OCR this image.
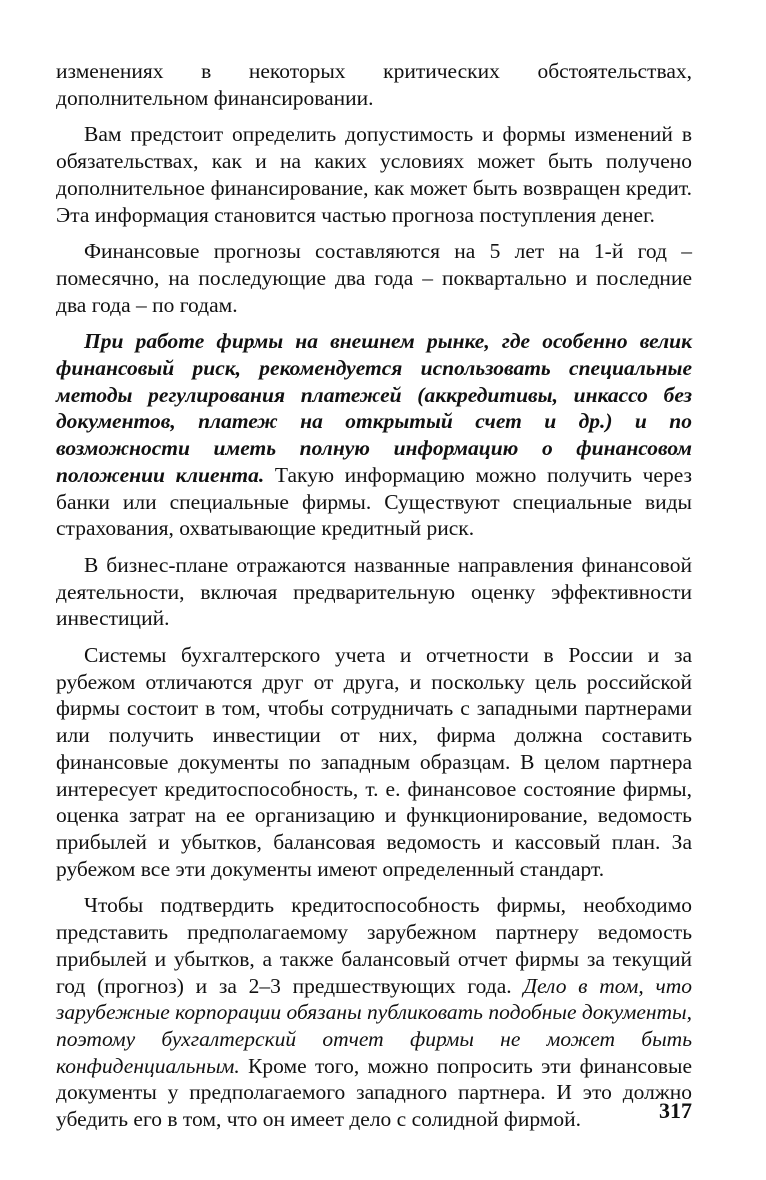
изменениях в некоторых критических обстоятельствах, дополнительном финансировании.

Вам предстоит определить допустимость и формы изменений в обязательствах, как и на каких условиях может быть получено дополнительное финансирование, как может быть возвращен кредит. Эта информация становится частью прогноза поступления денег.

Финансовые прогнозы составляются на 5 лет на 1-й год – помесячно, на последующие два года – поквартально и последние два года – по годам.

При работе фирмы на внешнем рынке, где особенно велик финансовый риск, рекомендуется использовать специальные методы регулирования платежей (аккредитивы, инкассо без документов, платеж на открытый счет и др.) и по возможности иметь полную информацию о финансовом положении клиента. Такую информацию можно получить через банки или специальные фирмы. Существуют специальные виды страхования, охватывающие кредитный риск.

В бизнес-плане отражаются названные направления финансовой деятельности, включая предварительную оценку эффективности инвестиций.

Системы бухгалтерского учета и отчетности в России и за рубежом отличаются друг от друга, и поскольку цель российской фирмы состоит в том, чтобы сотрудничать с западными партнерами или получить инвестиции от них, фирма должна составить финансовые документы по западным образцам. В целом партнера интересует кредитоспособность, т. е. финансовое состояние фирмы, оценка затрат на ее организацию и функционирование, ведомость прибылей и убытков, балансовая ведомость и кассовый план. За рубежом все эти документы имеют определенный стандарт.

Чтобы подтвердить кредитоспособность фирмы, необходимо представить предполагаемому зарубежном партнеру ведомость прибылей и убытков, а также балансовый отчет фирмы за текущий год (прогноз) и за 2–3 предшествующих года. Дело в том, что зарубежные корпорации обязаны публиковать подобные документы, поэтому бухгалтерский отчет фирмы не может быть конфиденциальным. Кроме того, можно попросить эти финансовые документы у предполагаемого западного партнера. И это должно убедить его в том, что он имеет дело с солидной фирмой.	317
